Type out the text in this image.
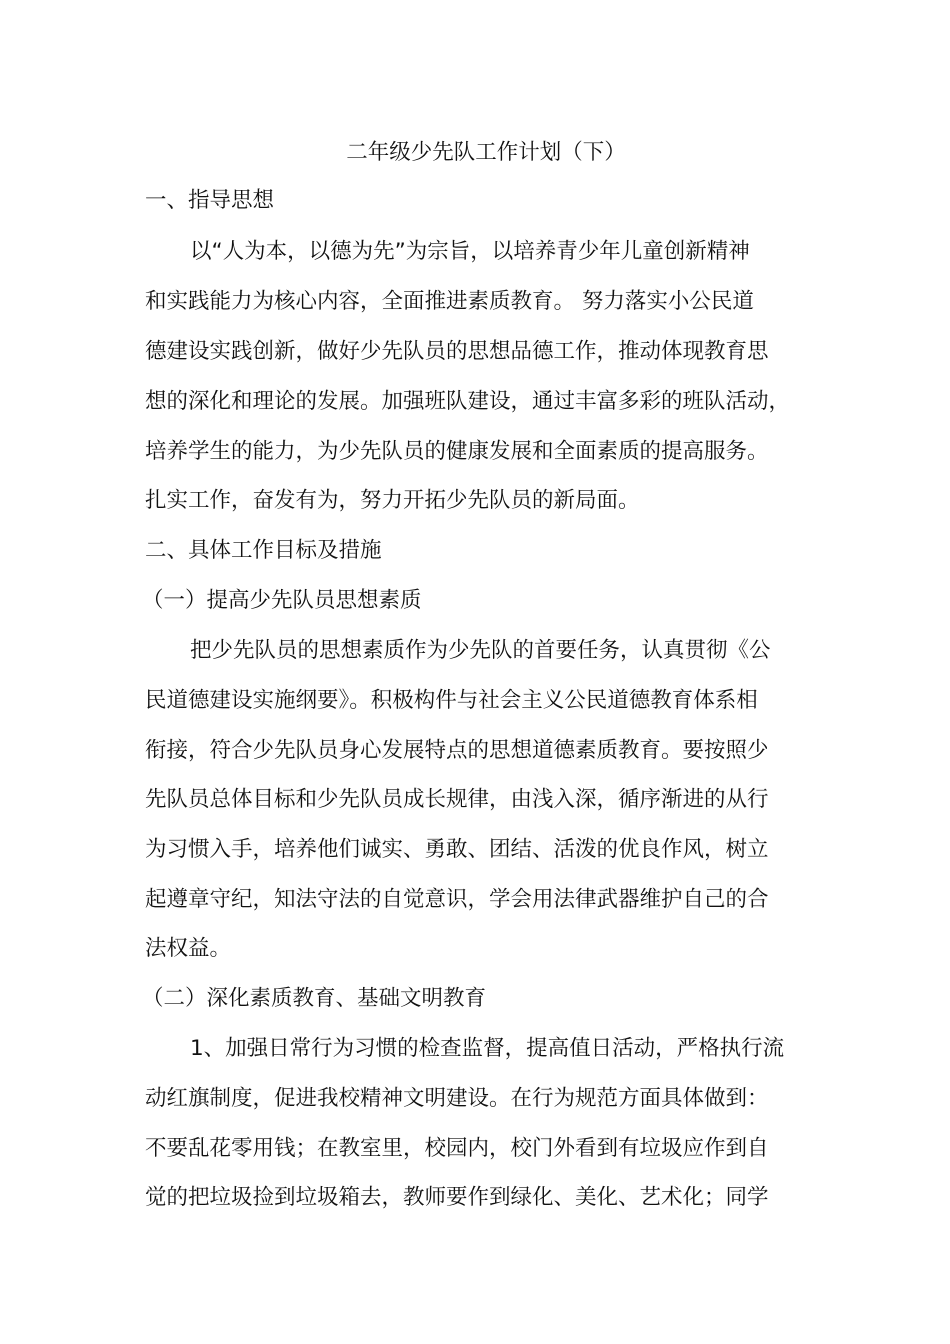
二年级少先队工作计划（下）
一、指导思想
以“人为本，以德为先”为宗旨，以培养青少年儿童创新精神
和实践能力为核心内容，全面推进素质教育。 努力落实小公民道
德建设实践创新，做好少先队员的思想品德工作，推动体现教育思
想的深化和理论的发展。加强班队建设，通过丰富多彩的班队活动，
培养学生的能力，为少先队员的健康发展和全面素质的提高服务。
扎实工作，奋发有为，努力开拓少先队员的新局面。
二、具体工作目标及措施
（一）提高少先队员思想素质
把少先队员的思想素质作为少先队的首要任务，认真贯彻《公
民道德建设实施纲要》。积极构件与社会主义公民道德教育体系相
衔接，符合少先队员身心发展特点的思想道德素质教育。要按照少
先队员总体目标和少先队员成长规律，由浅入深，循序渐进的从行
为习惯入手，培养他们诚实、勇敢、团结、活泼的优良作风，树立
起遵章守纪，知法守法的自觉意识，学会用法律武器维护自己的合
法权益。
（二）深化素质教育、基础文明教育
1、加强日常行为习惯的检查监督，提高值日活动，严格执行流
动红旗制度，促进我校精神文明建设。在行为规范方面具体做到：
不要乱花零用钱；在教室里，校园内，校门外看到有垃圾应作到自
觉的把垃圾捡到垃圾箱去，教师要作到绿化、美化、艺术化；同学
